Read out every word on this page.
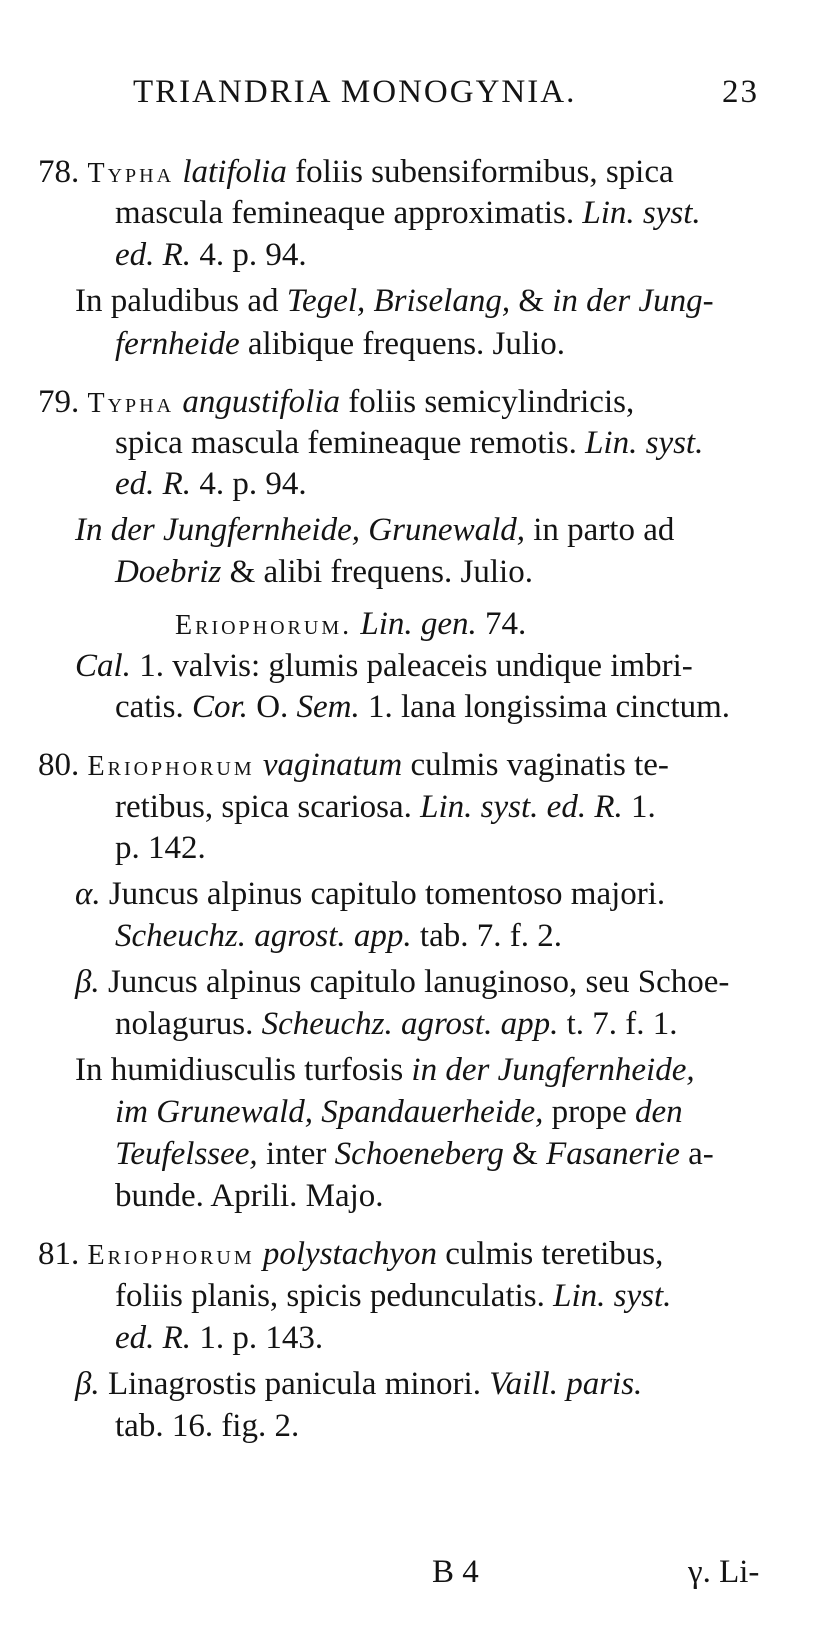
TRIANDRIA MONOGYNIA.	23
78. Typha latifolia foliis subensiformibus, spica
mascula femineaque approximatis. Lin. syst.
ed. R. 4. p. 94.
In paludibus ad Tegel, Briselang, & in der Jung-
fernheide alibique frequens. Julio.
79. Typha angustifolia foliis semicylindricis,
spica mascula femineaque remotis. Lin. syst.
ed. R. 4. p. 94.
In der Jungfernheide, Grunewald, in parto ad
Doebriz & alibi frequens. Julio.
Eriophorum. Lin. gen. 74.
Cal. 1. valvis: glumis paleaceis undique imbri-
catis. Cor. O. Sem. 1. lana longissima cinctum.
80. Eriophorum vaginatum culmis vaginatis te-
retibus, spica scariosa. Lin. syst. ed. R. 1.
p. 142.
α. Juncus alpinus capitulo tomentoso majori.
Scheuchz. agrost. app. tab. 7. f. 2.
β. Juncus alpinus capitulo lanuginoso, seu Schoe-
nolagurus. Scheuchz. agrost. app. t. 7. f. 1.
In humidiusculis turfosis in der Jungfernheide,
im Grunewald, Spandauerheide, prope den
Teufelssee, inter Schoeneberg & Fasanerie a-
bunde. Aprili. Majo.
81. Eriophorum polystachyon culmis teretibus,
foliis planis, spicis pedunculatis. Lin. syst.
ed. R. 1. p. 143.
β. Linagrostis panicula minori. Vaill. paris.
tab. 16. fig. 2.
B 4	γ. Li-
